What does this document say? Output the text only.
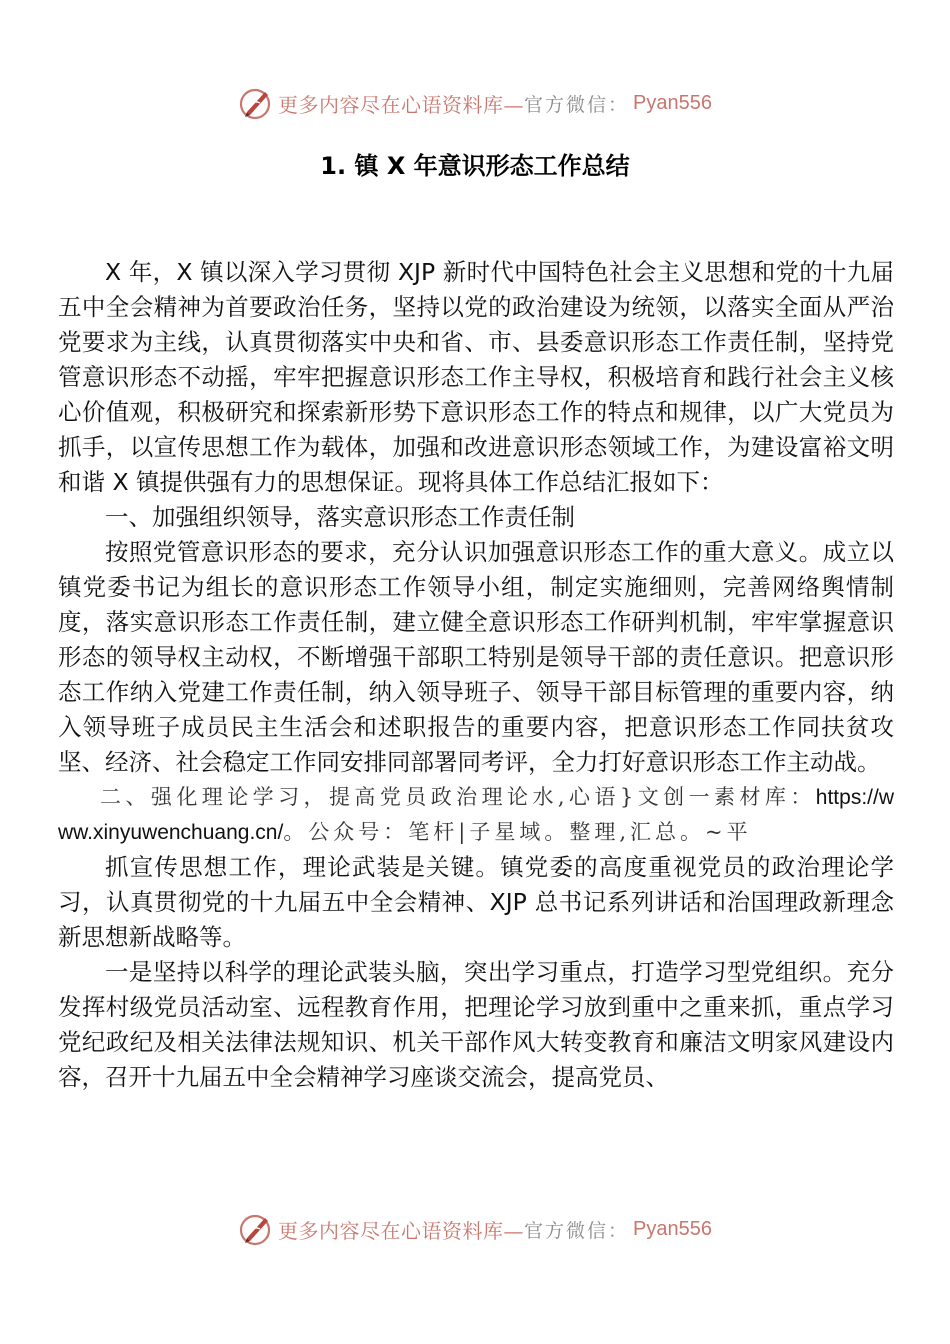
更多内容尽在心语资料库— 官方微信： Pyan556
1. 镇 X 年意识形态工作总结

X 年，X 镇以深入学习贯彻 XJP 新时代中国特色社会主义思想和党的十九届五中全会精神为首要政治任务，坚持以党的政治建设为统领，以落实全面从严治党要求为主线，认真贯彻落实中央和省、市、县委意识形态工作责任制，坚持党管意识形态不动摇，牢牢把握意识形态工作主导权，积极培育和践行社会主义核心价值观，积极研究和探索新形势下意识形态工作的特点和规律，以广大党员为抓手，以宣传思想工作为载体，加强和改进意识形态领域工作，为建设富裕文明和谐 X 镇提供强有力的思想保证。现将具体工作总结汇报如下：

一、加强组织领导，落实意识形态工作责任制

按照党管意识形态的要求，充分认识加强意识形态工作的重大意义。成立以镇党委书记为组长的意识形态工作领导小组，制定实施细则，完善网络舆情制度，落实意识形态工作责任制，建立健全意识形态工作研判机制，牢牢掌握意识形态的领导权主动权，不断增强干部职工特别是领导干部的责任意识。把意识形态工作纳入党建工作责任制，纳入领导班子、领导干部目标管理的重要内容，纳入领导班子成员民主生活会和述职报告的重要内容，把意识形态工作同扶贫攻坚、经济、社会稳定工作同安排同部署同考评，全力打好意识形态工作主动战。

二、强化理论学习，提高党员政治理论水,心语}文创一素材库：https://www.xinyuwenchuang.cn/。公众号：笔杆|子星域。整理,汇总。~平

抓宣传思想工作，理论武装是关键。镇党委的高度重视党员的政治理论学习，认真贯彻党的十九届五中全会精神、XJP 总书记系列讲话和治国理政新理念新思想新战略等。

一是坚持以科学的理论武装头脑，突出学习重点，打造学习型党组织。充分发挥村级党员活动室、远程教育作用，把理论学习放到重中之重来抓，重点学习党纪政纪及相关法律法规知识、机关干部作风大转变教育和廉洁文明家风建设内容，召开十九届五中全会精神学习座谈交流会，提高党员、

更多内容尽在心语资料库— 官方微信： Pyan556
